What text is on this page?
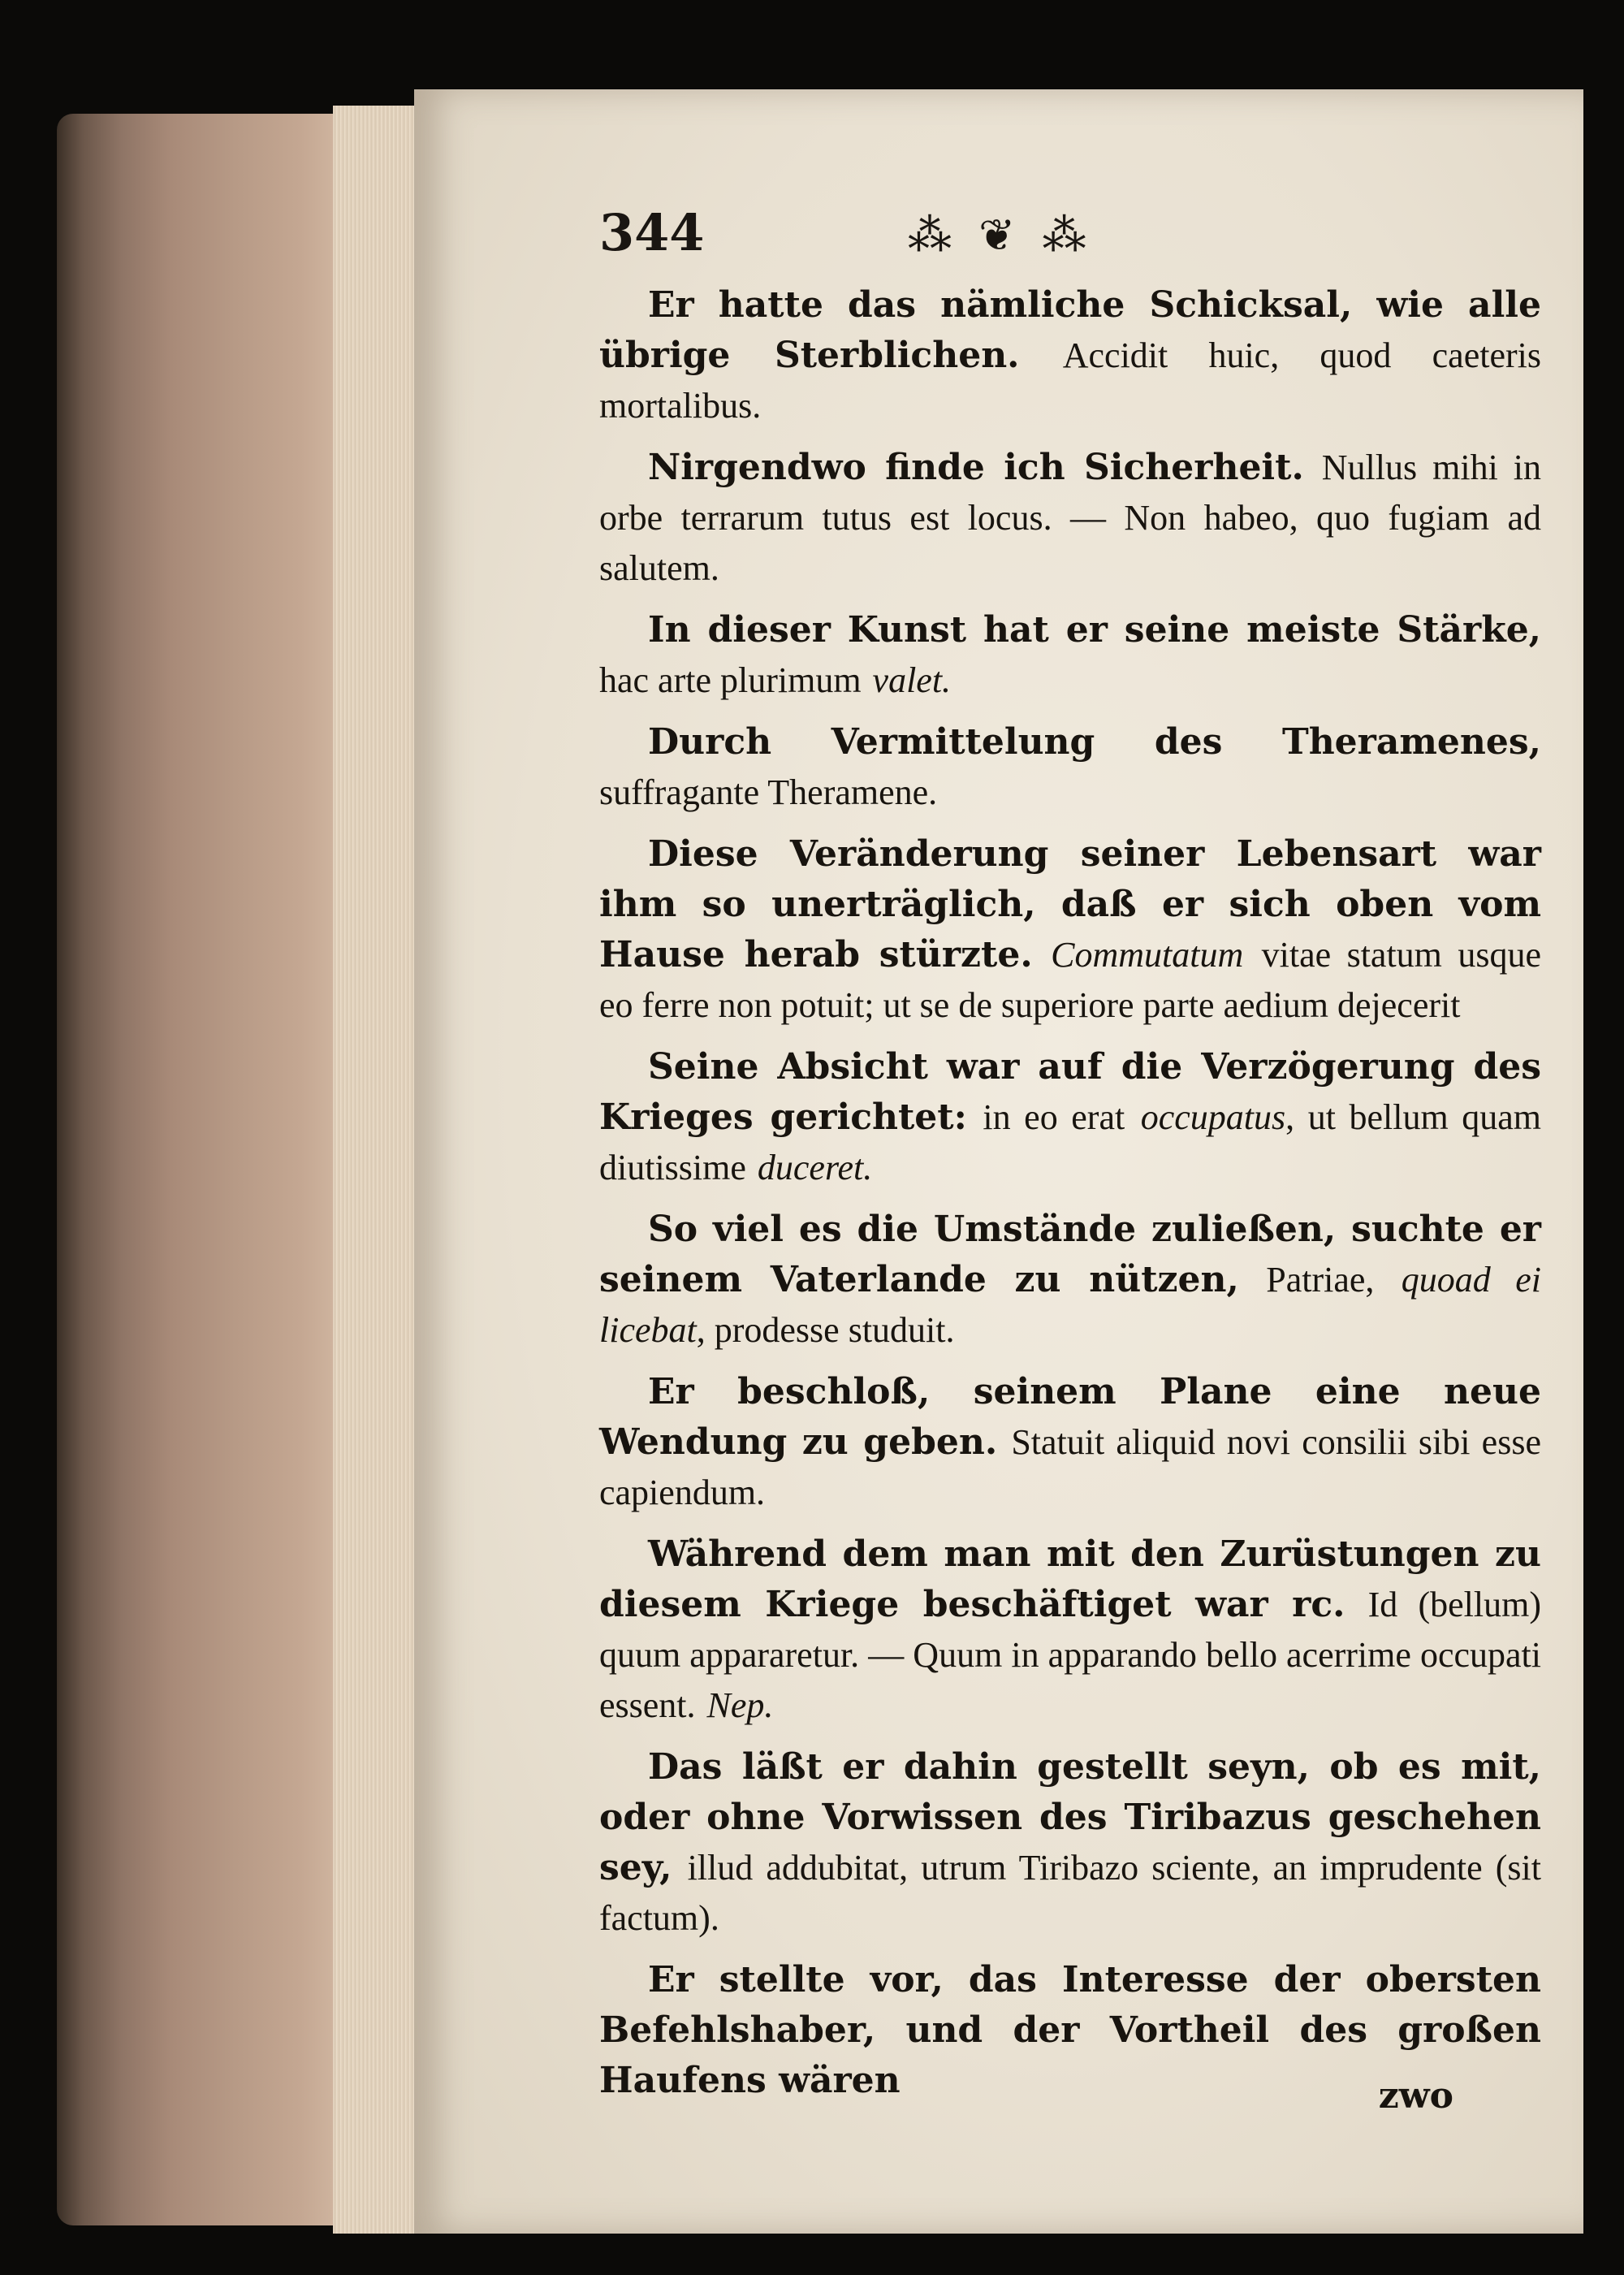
344	⁂ ❦ ⁂

Er hatte das nämliche Schicksal, wie alle übrige Sterblichen. Accidit huic, quod caeteris mortalibus.

Nirgendwo finde ich Sicherheit. Nullus mihi in orbe terrarum tutus est locus. — Non habeo, quo fugiam ad salutem.

In dieser Kunst hat er seine meiste Stärke, hac arte plurimum valet.

Durch Vermittelung des Theramenes, suffragante Theramene.

Diese Veränderung seiner Lebensart war ihm so unerträglich, daß er sich oben vom Hause herab stürzte. Commutatum vitae statum usque eo ferre non potuit; ut se de superiore parte aedium dejecerit

Seine Absicht war auf die Verzögerung des Krieges gerichtet: in eo erat occupatus, ut bellum quam diutissime duceret.

So viel es die Umstände zuließen, suchte er seinem Vaterlande zu nützen, Patriae, quoad ei licebat, prodesse studuit.

Er beschloß, seinem Plane eine neue Wendung zu geben. Statuit aliquid novi consilii sibi esse capiendum.

Während dem man mit den Zurüstungen zu diesem Kriege beschäftiget war rc. Id (bellum) quum appararetur. — Quum in apparando bello acerrime occupati essent. Nep.

Das läßt er dahin gestellt seyn, ob es mit, oder ohne Vorwissen des Tiribazus geschehen sey, illud addubitat, utrum Tiribazo sciente, an imprudente (sit factum).

Er stellte vor, das Interesse der obersten Befehlshaber, und der Vortheil des großen Haufens wären	zwo
